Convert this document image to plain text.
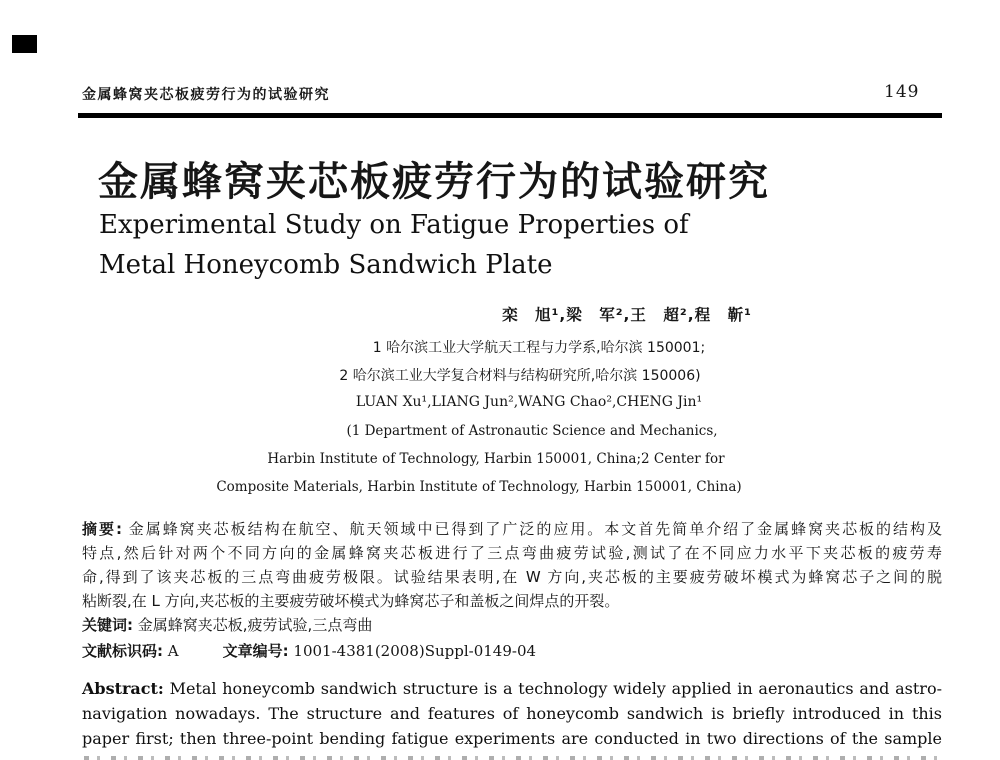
金属蜂窝夹芯板疲劳行为的试验研究	149
金属蜂窝夹芯板疲劳行为的试验研究
Experimental Study on Fatigue Properties of
Metal Honeycomb Sandwich Plate
栾　旭¹,梁　军²,王　超²,程　靳¹
1 哈尔滨工业大学航天工程与力学系,哈尔滨 150001;
2 哈尔滨工业大学复合材料与结构研究所,哈尔滨 150006)
LUAN Xu¹,LIANG Jun²,WANG Chao²,CHENG Jin¹
(1 Department of Astronautic Science and Mechanics,
Harbin Institute of Technology, Harbin 150001, China;2 Center for
Composite Materials, Harbin Institute of Technology, Harbin 150001, China)
摘要: 金属蜂窝夹芯板结构在航空、航天领域中已得到了广泛的应用。本文首先简单介绍了金属蜂窝夹芯板的结构及
特点,然后针对两个不同方向的金属蜂窝夹芯板进行了三点弯曲疲劳试验,测试了在不同应力水平下夹芯板的疲劳寿
命,得到了该夹芯板的三点弯曲疲劳极限。试验结果表明,在 W 方向,夹芯板的主要疲劳破坏模式为蜂窝芯子之间的脱
粘断裂,在 L 方向,夹芯板的主要疲劳破坏模式为蜂窝芯子和盖板之间焊点的开裂。
关键词: 金属蜂窝夹芯板,疲劳试验,三点弯曲
文献标识码: A	文章编号: 1001-4381(2008)Suppl-0149-04
Abstract: Metal honeycomb sandwich structure is a technology widely applied in aeronautics and astro-
navigation nowadays. The structure and features of honeycomb sandwich is briefly introduced in this
paper first; then three-point bending fatigue experiments are conducted in two directions of the sample
